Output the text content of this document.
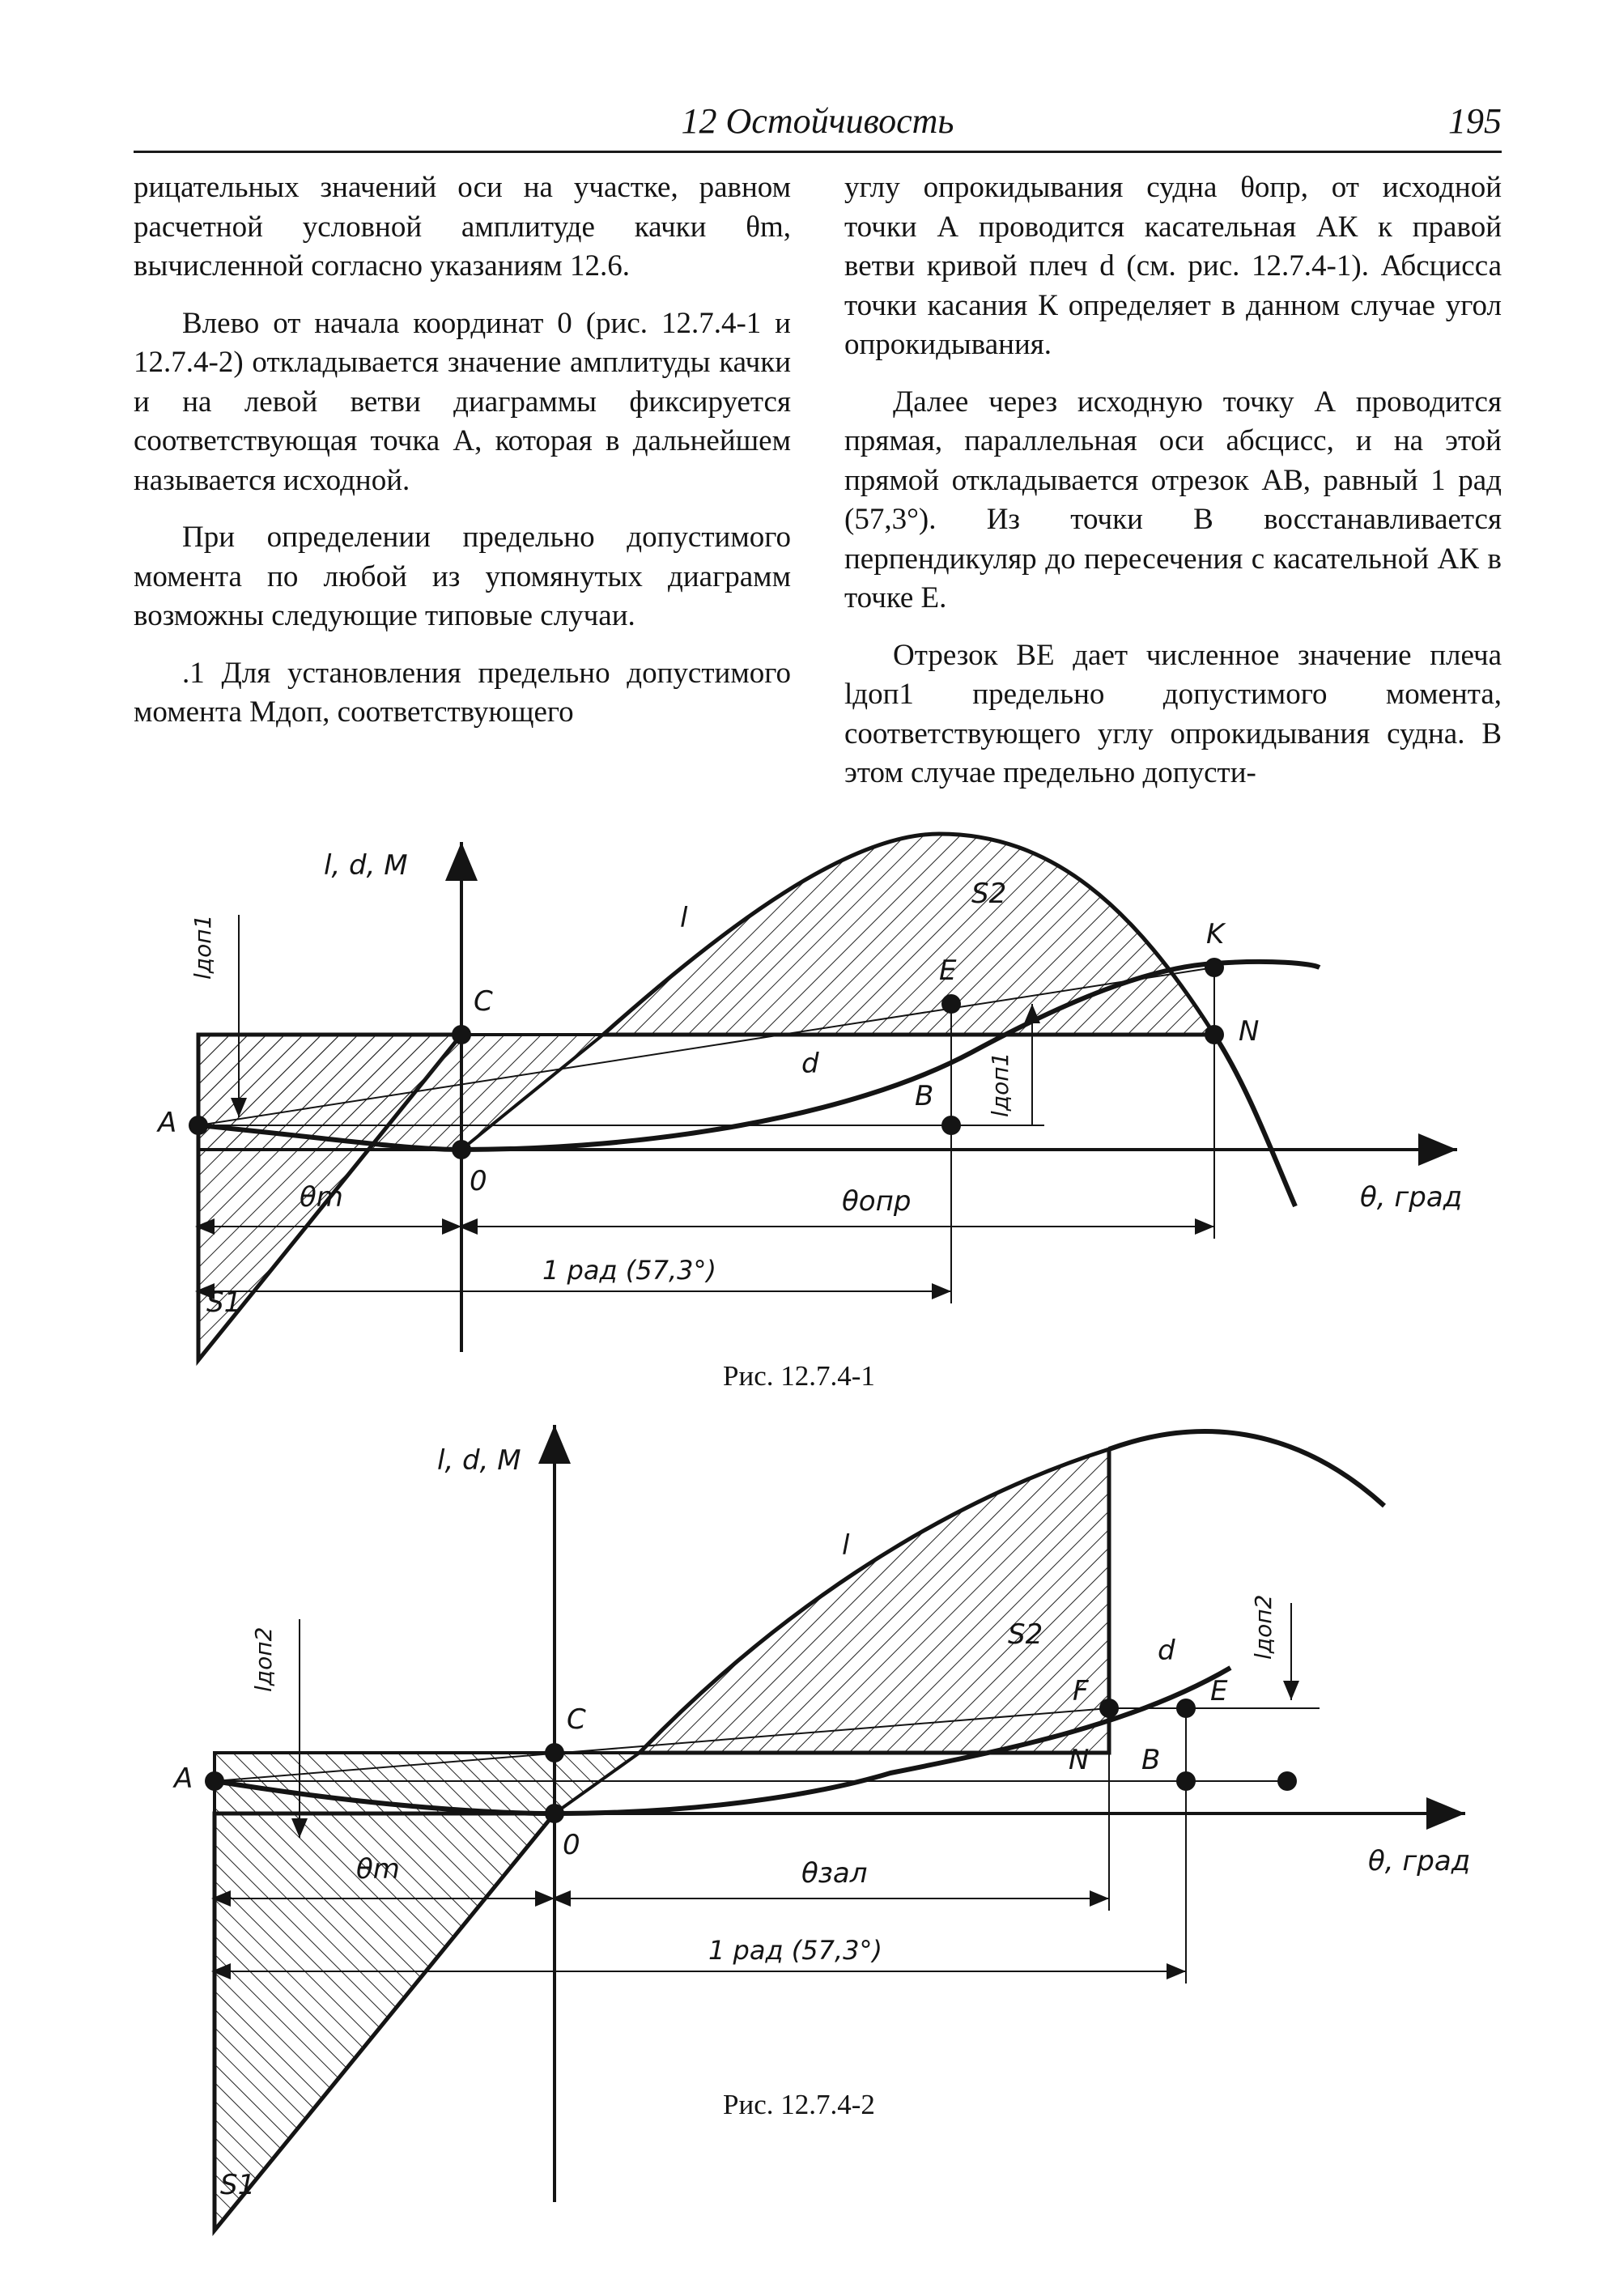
12 Остойчивость	195

рицательных значений оси на участке, равном расчетной условной амплитуде качки θm, вычисленной согласно указаниям 12.6.

Влево от начала координат 0 (рис. 12.7.4-1 и 12.7.4-2) откладывается значение амплитуды качки и на левой ветви диаграммы фиксируется соответствующая точка А, которая в дальнейшем называется исходной.

При определении предельно допустимого момента по любой из упомянутых диаграмм возможны следующие типовые случаи.

.1 Для установления предельно допустимого момента Мдоп, соответствующего

углу опрокидывания судна θопр, от исходной точки А проводится касательная АК к правой ветви кривой плеч d (см. рис. 12.7.4-1). Абсцисса точки касания К определяет в данном случае угол опрокидывания.

Далее через исходную точку А проводится прямая, параллельная оси абсцисс, и на этой прямой откладывается отрезок АВ, равный 1 рад (57,3°). Из точки В восстанавливается перпендикуляр до пересечения с касательной АК в точке Е.

Отрезок BE дает численное значение плеча lдоп1 предельно допустимого момента, соответствующего углу опрокидывания судна. В этом случае предельно допусти-

l, d, M
θ, град
A
C
0
E
B
K
N
l
d
S1
S2
θm	θопр
1 рад (57,3°)
lдоп1
lдоп1
Рис. 12.7.4-1
l, d, M
θ, град
A
C
0
F	E
B
N
l
d
S1
S2
θm	θзал
1 рад (57,3°)
lдоп2	lдоп2
Рис. 12.7.4-2
